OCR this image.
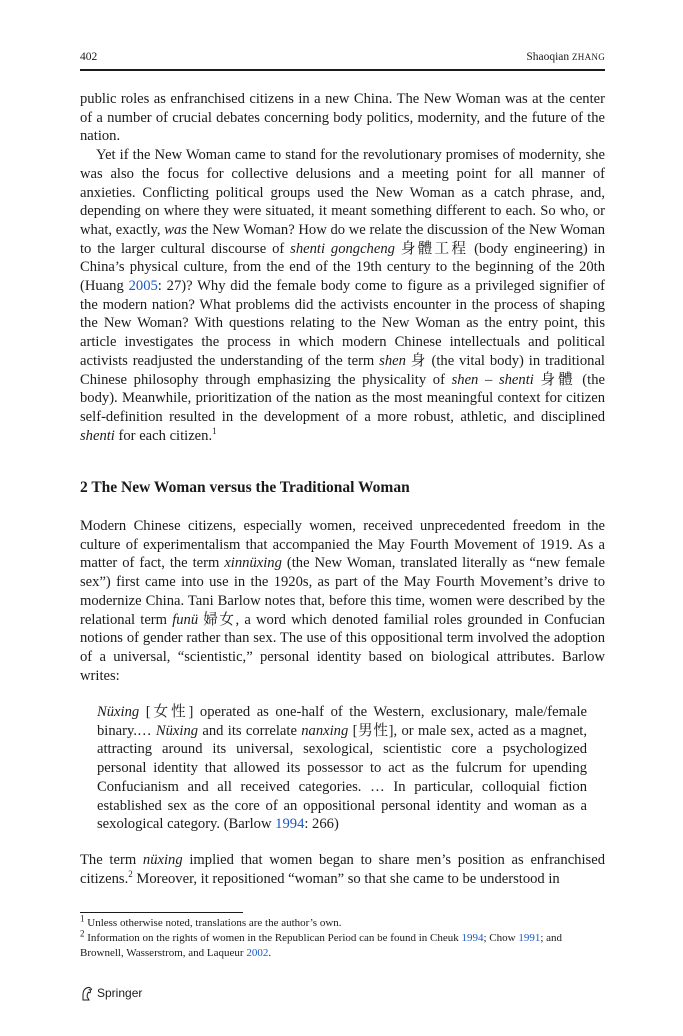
402	Shaoqian ZHANG

public roles as enfranchised citizens in a new China. The New Woman was at the center of a number of crucial debates concerning body politics, modernity, and the future of the nation.

Yet if the New Woman came to stand for the revolutionary promises of modernity, she was also the focus for collective delusions and a meeting point for all manner of anxieties. Conflicting political groups used the New Woman as a catch phrase, and, depending on where they were situated, it meant something different to each. So who, or what, exactly, was the New Woman? How do we relate the discussion of the New Woman to the larger cultural discourse of shenti gongcheng 身體工程 (body engineering) in China’s physical culture, from the end of the 19th century to the beginning of the 20th (Huang 2005: 27)? Why did the female body come to figure as a privileged signifier of the modern nation? What problems did the activists encounter in the process of shaping the New Woman? With questions relating to the New Woman as the entry point, this article investigates the process in which modern Chinese intellectuals and political activists readjusted the understanding of the term shen 身 (the vital body) in traditional Chinese philosophy through emphasizing the physicality of shen – shenti 身體 (the body). Meanwhile, prioritization of the nation as the most meaningful context for citizen self-definition resulted in the development of a more robust, athletic, and disciplined shenti for each citizen.$^1$

2 The New Woman versus the Traditional Woman

Modern Chinese citizens, especially women, received unprecedented freedom in the culture of experimentalism that accompanied the May Fourth Movement of 1919. As a matter of fact, the term xinnüxing (the New Woman, translated literally as “new female sex”) first came into use in the 1920s, as part of the May Fourth Movement’s drive to modernize China. Tani Barlow notes that, before this time, women were described by the relational term funü 婦女, a word which denoted familial roles grounded in Confucian notions of gender rather than sex. The use of this oppositional term involved the adoption of a universal, “scientistic,” personal identity based on biological attributes. Barlow writes:

Nüxing [女性] operated as one-half of the Western, exclusionary, male/female binary.… Nüxing and its correlate nanxing [男性], or male sex, acted as a magnet, attracting around its universal, sexological, scientistic core a psychologized personal identity that allowed its possessor to act as the fulcrum for upending Confucianism and all received categories. … In particular, colloquial fiction established sex as the core of an oppositional personal identity and woman as a sexological category. (Barlow 1994: 266)

The term nüxing implied that women began to share men’s position as enfranchised citizens.$^2$ Moreover, it repositioned “woman” so that she came to be understood in

$^1$ Unless otherwise noted, translations are the author’s own.

$^2$ Information on the rights of women in the Republican Period can be found in Cheuk 1994; Chow 1991; and Brownell, Wasserstrom, and Laqueur 2002.

Springer
